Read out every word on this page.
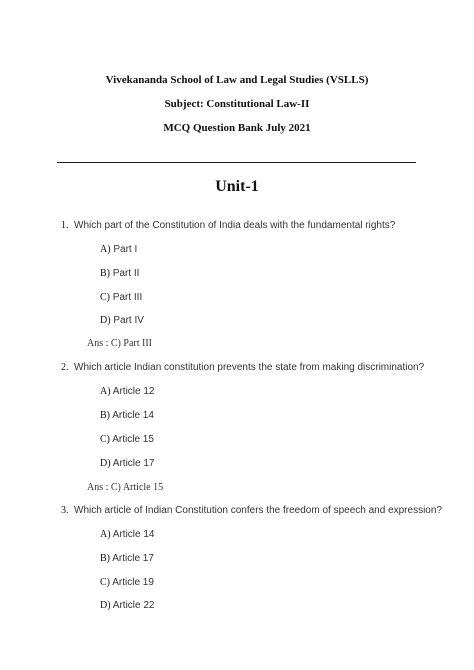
Vivekananda School of Law and Legal Studies (VSLLS)
Subject: Constitutional Law-II
MCQ Question Bank July 2021
Unit-1
1. Which part of the Constitution of India deals with the fundamental rights?
A) Part I
B) Part II
C) Part III
D) Part IV
Ans : C) Part III
2. Which article Indian constitution prevents the state from making discrimination?
A) Article 12
B) Article 14
C) Article 15
D) Article 17
Ans : C) Article 15
3. Which article of Indian Constitution confers the freedom of speech and expression?
A) Article 14
B) Article 17
C) Article 19
D) Article 22
